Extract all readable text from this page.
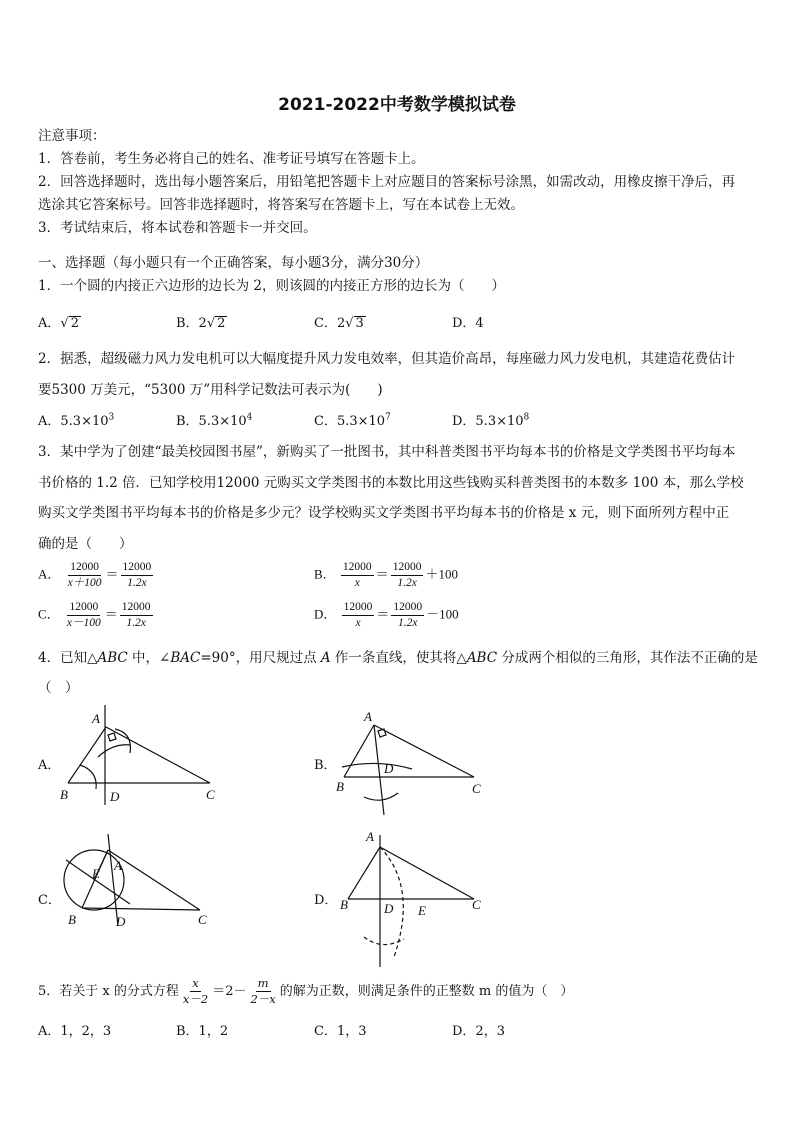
2021-2022中考数学模拟试卷
注意事项：
1．答卷前，考生务必将自己的姓名、准考证号填写在答题卡上。
2．回答选择题时，选出每小题答案后，用铅笔把答题卡上对应题目的答案标号涂黑，如需改动，用橡皮擦干净后，再
选涂其它答案标号。回答非选择题时，将答案写在答题卡上，写在本试卷上无效。
3．考试结束后，将本试卷和答题卡一并交回。
一、选择题（每小题只有一个正确答案，每小题3分，满分30分）
1．一个圆的内接正六边形的边长为 2，则该圆的内接正方形的边长为（　　）
A．√ 2	B．2√ 2	C．2√ 3	D．4
2．据悉，超级磁力风力发电机可以大幅度提升风力发电效率，但其造价高昂，每座磁力风力发电机，其建造花费估计
要5300 万美元，“5300 万”用科学记数法可表示为(　　)
A．$5.3\times 10^3$	B．$5.3\times 10^4$	C．$5.3\times 10^7$	D．$5.3\times 10^8$
3．某中学为了创建“最美校园图书屋”，新购买了一批图书，其中科普类图书平均每本书的价格是文学类图书平均每本
书价格的 1.2 倍．已知学校用12000 元购买文学类图书的本数比用这些钱购买科普类图书的本数多 100 本，那么学校
购买文学类图书平均每本书的价格是多少元？设学校购买文学类图书平均每本书的价格是 x 元，则下面所列方程中正
确的是（　　）
A． $\frac{12000}{x+100} = \frac{12000}{1.2x}$	B． $\frac{12000}{x} = \frac{12000}{1.2x} +100$
C． $\frac{12000}{x-100} = \frac{12000}{1.2x}$	D． $\frac{12000}{x} = \frac{12000}{1.2x} -100$
4．已知△ABC 中，∠BAC=90°，用尺规过点 A 作一条直线，使其将△ABC 分成两个相似的三角形，其作法不正确的是
（　）
A．	B．
C．	D．
A
B	D	C
A
B
D
C
A
E
B	D	C
A
B	D E	C
5．若关于 x 的分式方程 $\frac{x}{x-2} =2- \frac{m}{2-x}$ 的解为正数，则满足条件的正整数 m 的值为（　）
A．1，2，3	B．1，2	C．1，3	D．2，3
